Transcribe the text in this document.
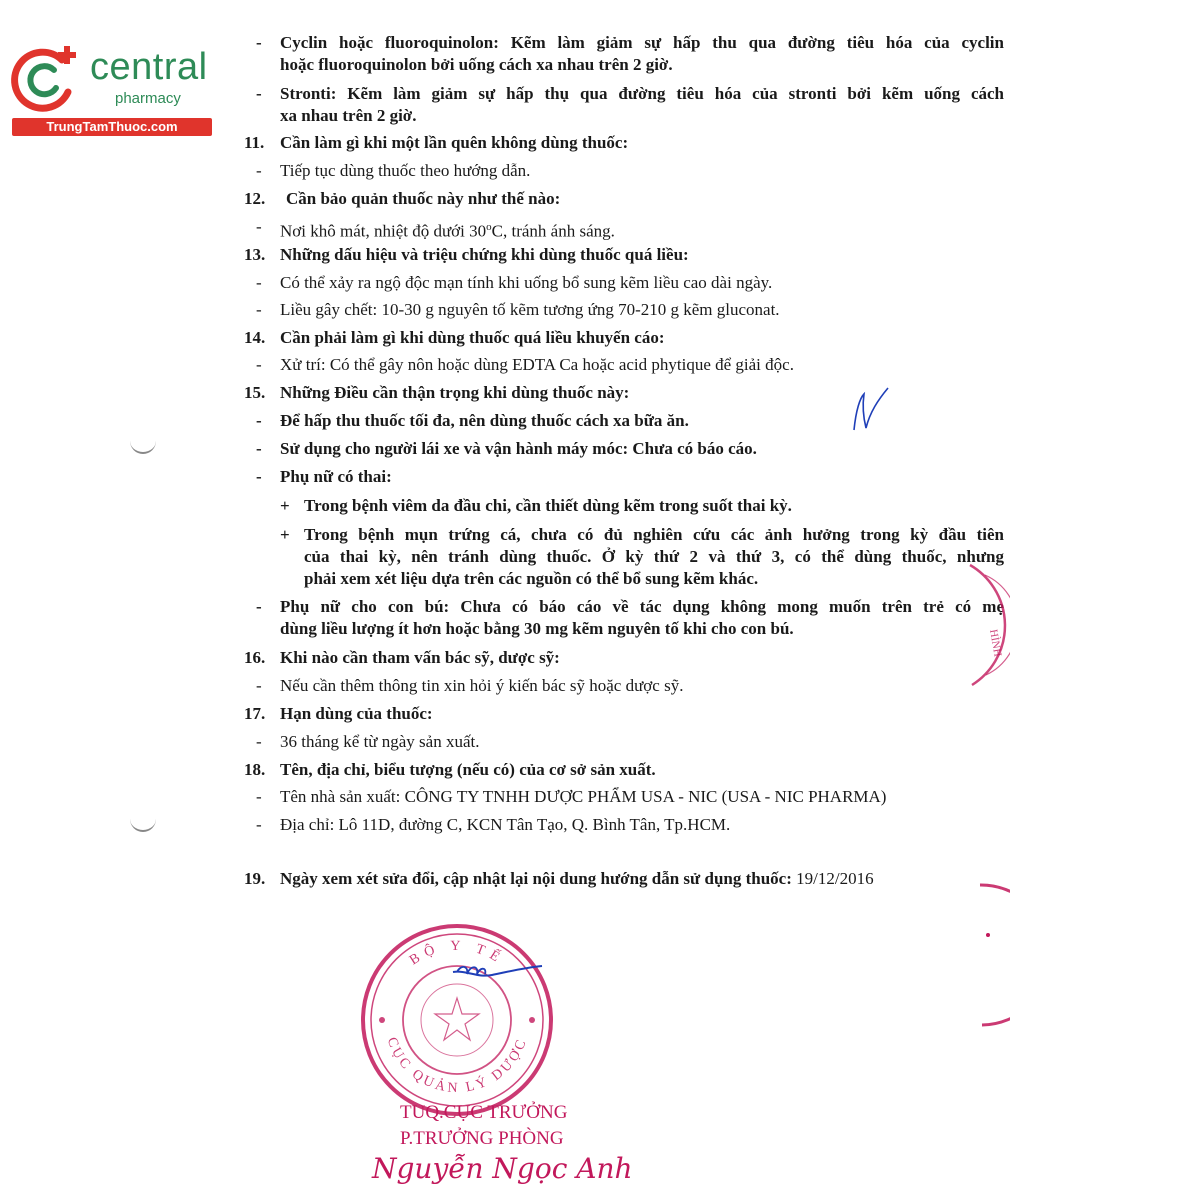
central
pharmacy
TrungTamThuoc.com
- Cyclin hoặc fluoroquinolon: Kẽm làm giảm sự hấp thu qua đường tiêu hóa của cyclin
hoặc fluoroquinolon bởi uống cách xa nhau trên 2 giờ.
- Stronti: Kẽm làm giảm sự hấp thụ qua đường tiêu hóa của stronti bởi kẽm uống cách
xa nhau trên 2 giờ.
11. Cần làm gì khi một lần quên không dùng thuốc:
- Tiếp tục dùng thuốc theo hướng dẫn.
12. Cần bảo quản thuốc này như thế nào:
- Nơi khô mát, nhiệt độ dưới 30$^o$C, tránh ánh sáng.
13. Những dấu hiệu và triệu chứng khi dùng thuốc quá liều:
- Có thể xảy ra ngộ độc mạn tính khi uống bổ sung kẽm liều cao dài ngày.
- Liều gây chết: 10-30 g nguyên tố kẽm tương ứng 70-210 g kẽm gluconat.
14. Cần phải làm gì khi dùng thuốc quá liều khuyến cáo:
- Xử trí: Có thể gây nôn hoặc dùng EDTA Ca hoặc acid phytique để giải độc.
15. Những Điều cần thận trọng khi dùng thuốc này:
- Để hấp thu thuốc tối đa, nên dùng thuốc cách xa bữa ăn.
- Sử dụng cho người lái xe và vận hành máy móc: Chưa có báo cáo.
- Phụ nữ có thai:
+ Trong bệnh viêm da đầu chi, cần thiết dùng kẽm trong suốt thai kỳ.
+ Trong bệnh mụn trứng cá, chưa có đủ nghiên cứu các ảnh hưởng trong kỳ đầu tiên
của thai kỳ, nên tránh dùng thuốc. Ở kỳ thứ 2 và thứ 3, có thể dùng thuốc, nhưng
phải xem xét liệu dựa trên các nguồn có thể bổ sung kẽm khác.
- Phụ nữ cho con bú: Chưa có báo cáo về tác dụng không mong muốn trên trẻ có mẹ
dùng liều lượng ít hơn hoặc bằng 30 mg kẽm nguyên tố khi cho con bú.
16. Khi nào cần tham vấn bác sỹ, dược sỹ:
- Nếu cần thêm thông tin xin hỏi ý kiến bác sỹ hoặc dược sỹ.
17. Hạn dùng của thuốc:
- 36 tháng kể từ ngày sản xuất.
18. Tên, địa chỉ, biểu tượng (nếu có) của cơ sở sản xuất.
- Tên nhà sản xuất: CÔNG TY TNHH DƯỢC PHẨM USA - NIC (USA - NIC PHARMA)
- Địa chỉ: Lô 11D, đường C, KCN Tân Tạo, Q. Bình Tân, Tp.HCM.
19. Ngày xem xét sửa đổi, cập nhật lại nội dung hướng dẫn sử dụng thuốc: 19/12/2016
HÌNH
BỘ Y TẾ
CỤC QUẢN LÝ DƯỢC
TUQ.CỤC TRƯỞNG
P.TRƯỞNG PHÒNG
Nguyễn Ngọc Anh
